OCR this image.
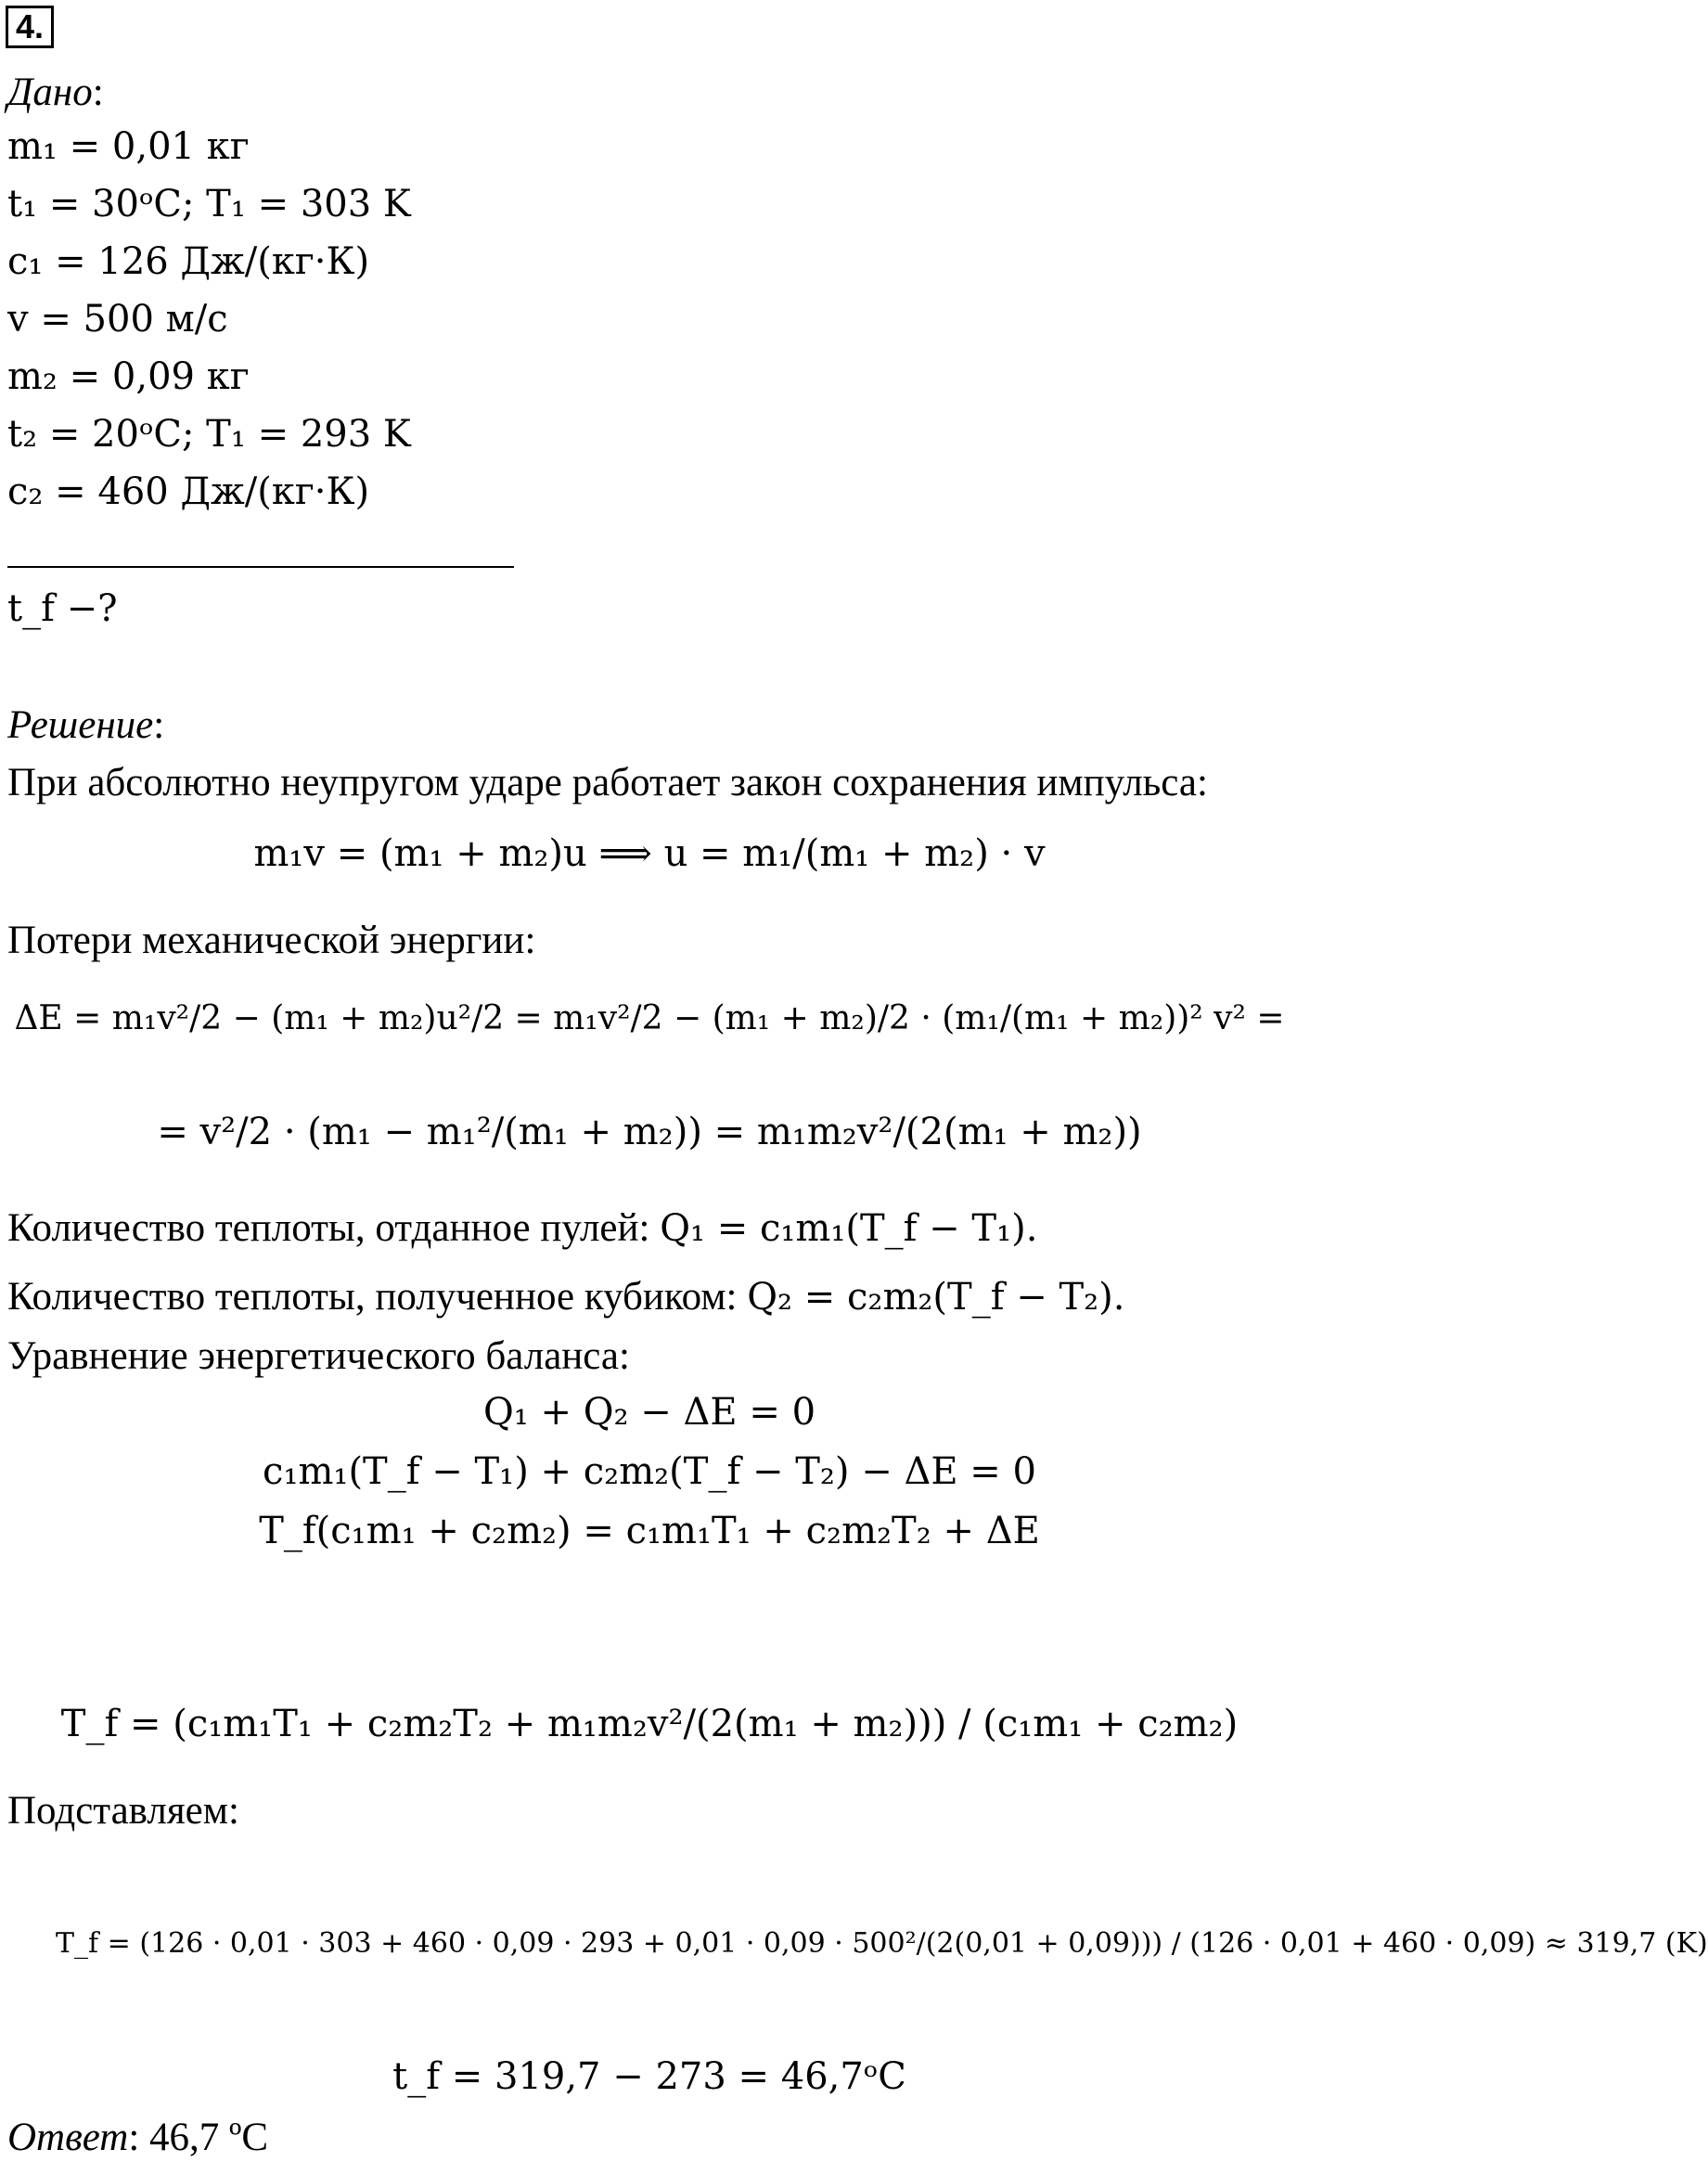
4.
Дано:
m₁ = 0,01 кг
t₁ = 30ᵒC; T₁ = 303 K
c₁ = 126 Дж/(кг·К)
v = 500 м/с
m₂ = 0,09 кг
t₂ = 20ᵒC; T₁ = 293 K
c₂ = 460 Дж/(кг·К)
t_f −?
Решение:
При абсолютно неупругом ударе работает закон сохранения импульса:
m₁v = (m₁ + m₂)u ⟹ u = m₁/(m₁ + m₂) · v
Потери механической энергии:
ΔE = m₁v²/2 − (m₁ + m₂)u²/2 = m₁v²/2 − (m₁ + m₂)/2 · (m₁/(m₁ + m₂))² v² =
= v²/2 · (m₁ − m₁²/(m₁ + m₂)) = m₁m₂v²/(2(m₁ + m₂))
Количество теплоты, отданное пулей: Q₁ = c₁m₁(T_f − T₁).
Количество теплоты, полученное кубиком: Q₂ = c₂m₂(T_f − T₂).
Уравнение энергетического баланса:
Q₁ + Q₂ − ΔE = 0
c₁m₁(T_f − T₁) + c₂m₂(T_f − T₂) − ΔE = 0
T_f(c₁m₁ + c₂m₂) = c₁m₁T₁ + c₂m₂T₂ + ΔE
T_f = (c₁m₁T₁ + c₂m₂T₂ + m₁m₂v²/(2(m₁ + m₂))) / (c₁m₁ + c₂m₂)
Подставляем:
T_f = (126 · 0,01 · 303 + 460 · 0,09 · 293 + 0,01 · 0,09 · 500²/(2(0,01 + 0,09))) / (126 · 0,01 + 460 · 0,09) ≈ 319,7 (K)
t_f = 319,7 − 273 = 46,7ᵒC
Ответ: 46,7 ºС
